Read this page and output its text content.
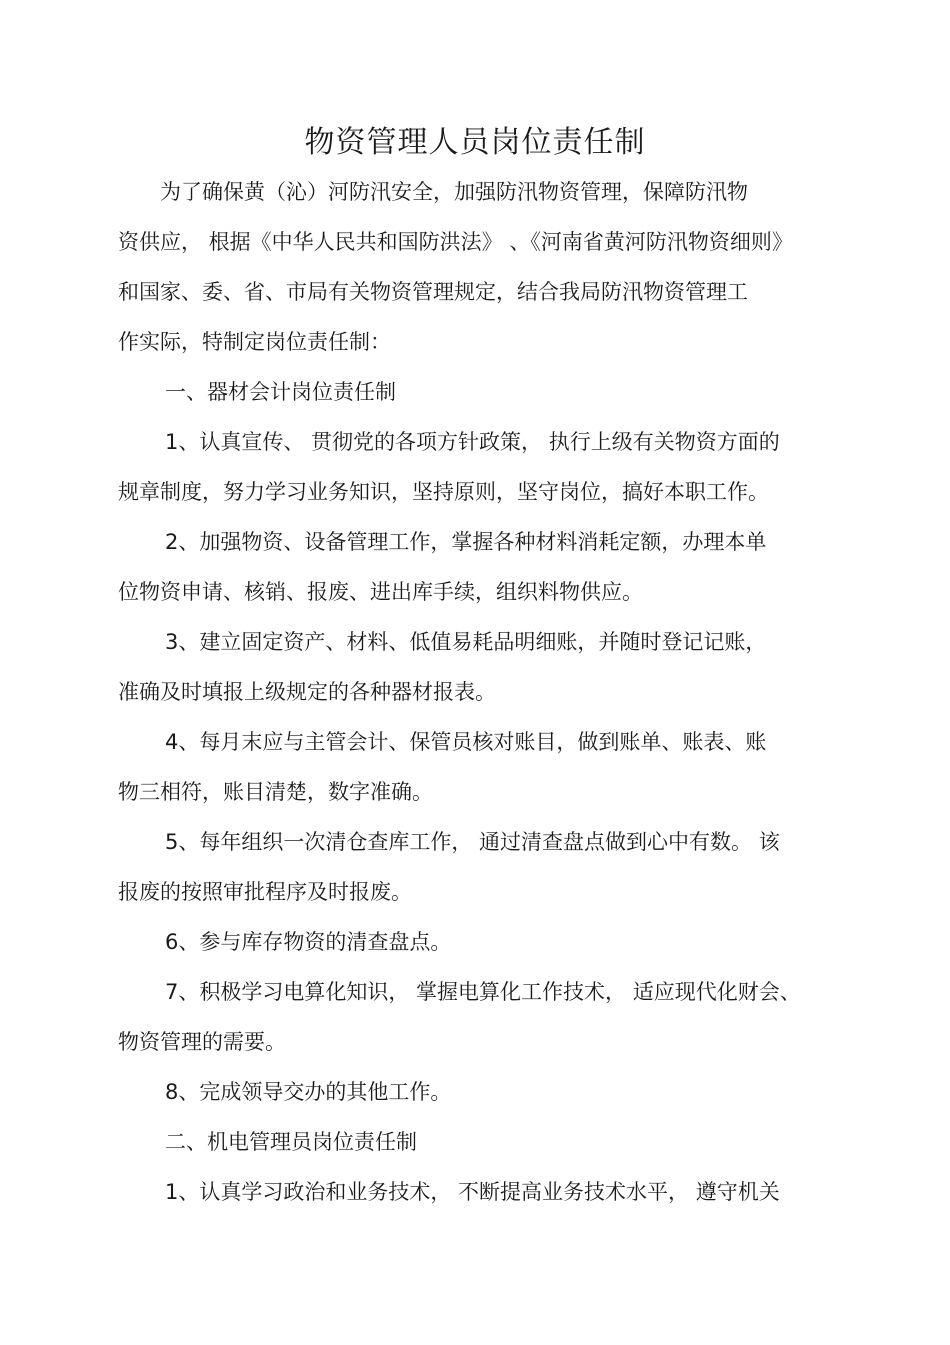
物资管理人员岗位责任制
为了确保黄（沁）河防汛安全，加强防汛物资管理，保障防汛物
资供应， 根据《中华人民共和国防洪法》 、《河南省黄河防汛物资细则》
和国家、委、省、市局有关物资管理规定，结合我局防汛物资管理工
作实际，特制定岗位责任制：
一、器材会计岗位责任制
1、认真宣传、 贯彻党的各项方针政策， 执行上级有关物资方面的
规章制度，努力学习业务知识，坚持原则，坚守岗位，搞好本职工作。
2、加强物资、设备管理工作，掌握各种材料消耗定额，办理本单
位物资申请、核销、报废、进出库手续，组织料物供应。
3、建立固定资产、材料、低值易耗品明细账，并随时登记记账，
准确及时填报上级规定的各种器材报表。
4、每月末应与主管会计、保管员核对账目，做到账单、账表、账
物三相符，账目清楚，数字准确。
5、每年组织一次清仓查库工作， 通过清查盘点做到心中有数。 该
报废的按照审批程序及时报废。
6、参与库存物资的清查盘点。
7、积极学习电算化知识， 掌握电算化工作技术， 适应现代化财会、
物资管理的需要。
8、完成领导交办的其他工作。
二、机电管理员岗位责任制
1、认真学习政治和业务技术， 不断提高业务技术水平， 遵守机关
